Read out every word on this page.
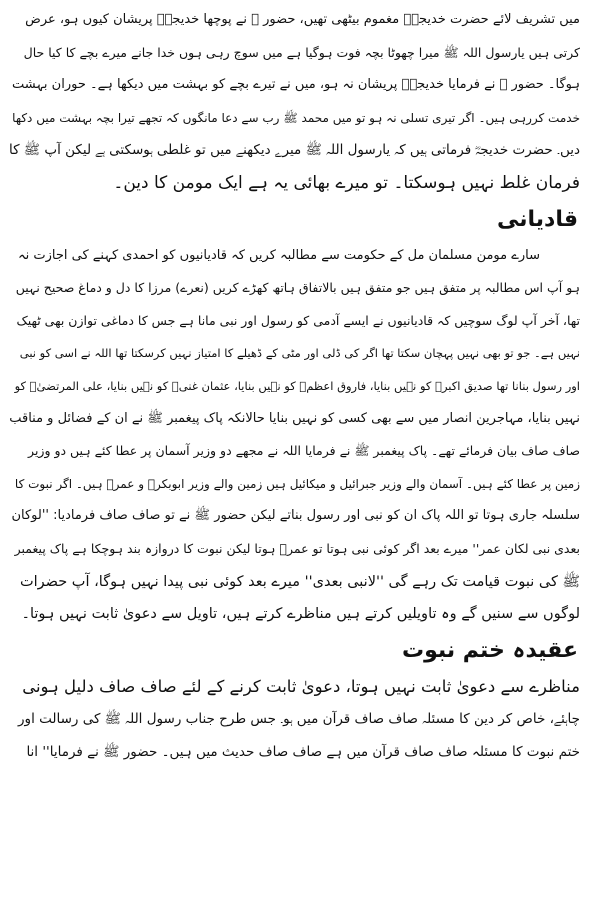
میں تشریف لائے حضرت خدیجہؓ مغموم بیٹھی تھیں، حضور ﷺ نے پوچھا خدیجہؓ پریشان کیوں ہو، عرض
کرتی ہیں یارسول اللہ ﷺ میرا چھوٹا بچہ فوت ہوگیا ہے میں سوچ رہی ہوں خدا جانے میرے بچے کا کیا حال
ہوگا۔ حضور ﷺ نے فرمایا خدیجہؓ پریشان نہ ہو، میں نے تیرے بچے کو بہشت میں دیکھا ہے۔ حوران بہشت
خدمت کررہی ہیں۔ اگر تیری تسلی نہ ہو تو میں محمد ﷺ رب سے دعا مانگوں کہ تجھے تیرا بچہ بہشت میں دکھا
دیں۔ حضرت خدیجہؓ فرماتی ہیں کہ یارسول اللہ ﷺ میرے دیکھنے میں تو غلطی ہوسکتی ہے لیکن آپ ﷺ کا
فرمان غلط نہیں ہوسکتا۔ تو میرے بھائی یہ ہے ایک مومن کا دین۔
قادیانی
سارے مومن مسلمان مل کے حکومت سے مطالبہ کریں کہ قادیانیوں کو احمدی کہنے کی اجازت نہ
ہو آپ اس مطالبہ پر متفق ہیں جو متفق ہیں بالاتفاق ہاتھ کھڑے کریں (نعرے) مرزا کا دل و دماغ صحیح نہیں
تھا، آخر آپ لوگ سوچیں کہ قادیانیوں نے ایسے آدمی کو رسول اور نبی مانا ہے جس کا دماغی توازن بھی ٹھیک
نہیں ہے۔ جو تو بھی نہیں پہچان سکتا تھا اگر کی ڈلی اور مٹی کے ڈھیلے کا امتیاز نہیں کرسکتا تھا اللہ نے اسی کو نبی
اور رسول بنانا تھا صدیق اکبرؓ کو نہیں بنایا، فاروق اعظمؓ کو نہیں بنایا، عثمان غنیؓ کو نہیں بنایا، علی المرتضیٰؓ کو
نہیں بنایا، مہاجرین انصار میں سے بھی کسی کو نہیں بنایا حالانکہ پاک پیغمبر ﷺ نے ان کے فضائل و مناقب
صاف صاف بیان فرمائے تھے۔ پاک پیغمبر ﷺ نے فرمایا اللہ نے مجھے دو وزیر آسمان پر عطا کئے ہیں دو وزیر
زمین پر عطا کئے ہیں۔ آسمان والے وزیر جبرائیل و میکائیل ہیں زمین والے وزیر ابوبکرؓ و عمرؓ ہیں۔ اگر نبوت کا
سلسلہ جاری ہوتا تو اللہ پاک ان کو نبی اور رسول بناتے لیکن حضور ﷺ نے تو صاف صاف فرمادیا: ''لوکان
بعدی نبی لکان عمر'' میرے بعد اگر کوئی نبی ہوتا تو عمرؓ ہوتا لیکن نبوت کا دروازہ بند ہوچکا ہے پاک پیغمبر
ﷺ کی نبوت قیامت تک رہے گی ''لانبی بعدی'' میرے بعد کوئی نبی پیدا نہیں ہوگا، آپ حضرات
لوگوں سے سنیں گے وہ تاویلیں کرتے ہیں مناظرے کرتے ہیں، تاویل سے دعویٰ ثابت نہیں ہوتا۔
عقیدہ ختم نبوت
مناظرے سے دعویٰ ثابت نہیں ہوتا، دعویٰ ثابت کرنے کے لئے صاف صاف دلیل ہونی
چاہئے، خاص کر دین کا مسئلہ صاف صاف قرآن میں ہو۔ جس طرح جناب رسول اللہ ﷺ کی رسالت اور
ختم نبوت کا مسئلہ صاف صاف قرآن میں ہے صاف صاف حدیث میں ہیں۔ حضور ﷺ نے فرمایا'' انا
